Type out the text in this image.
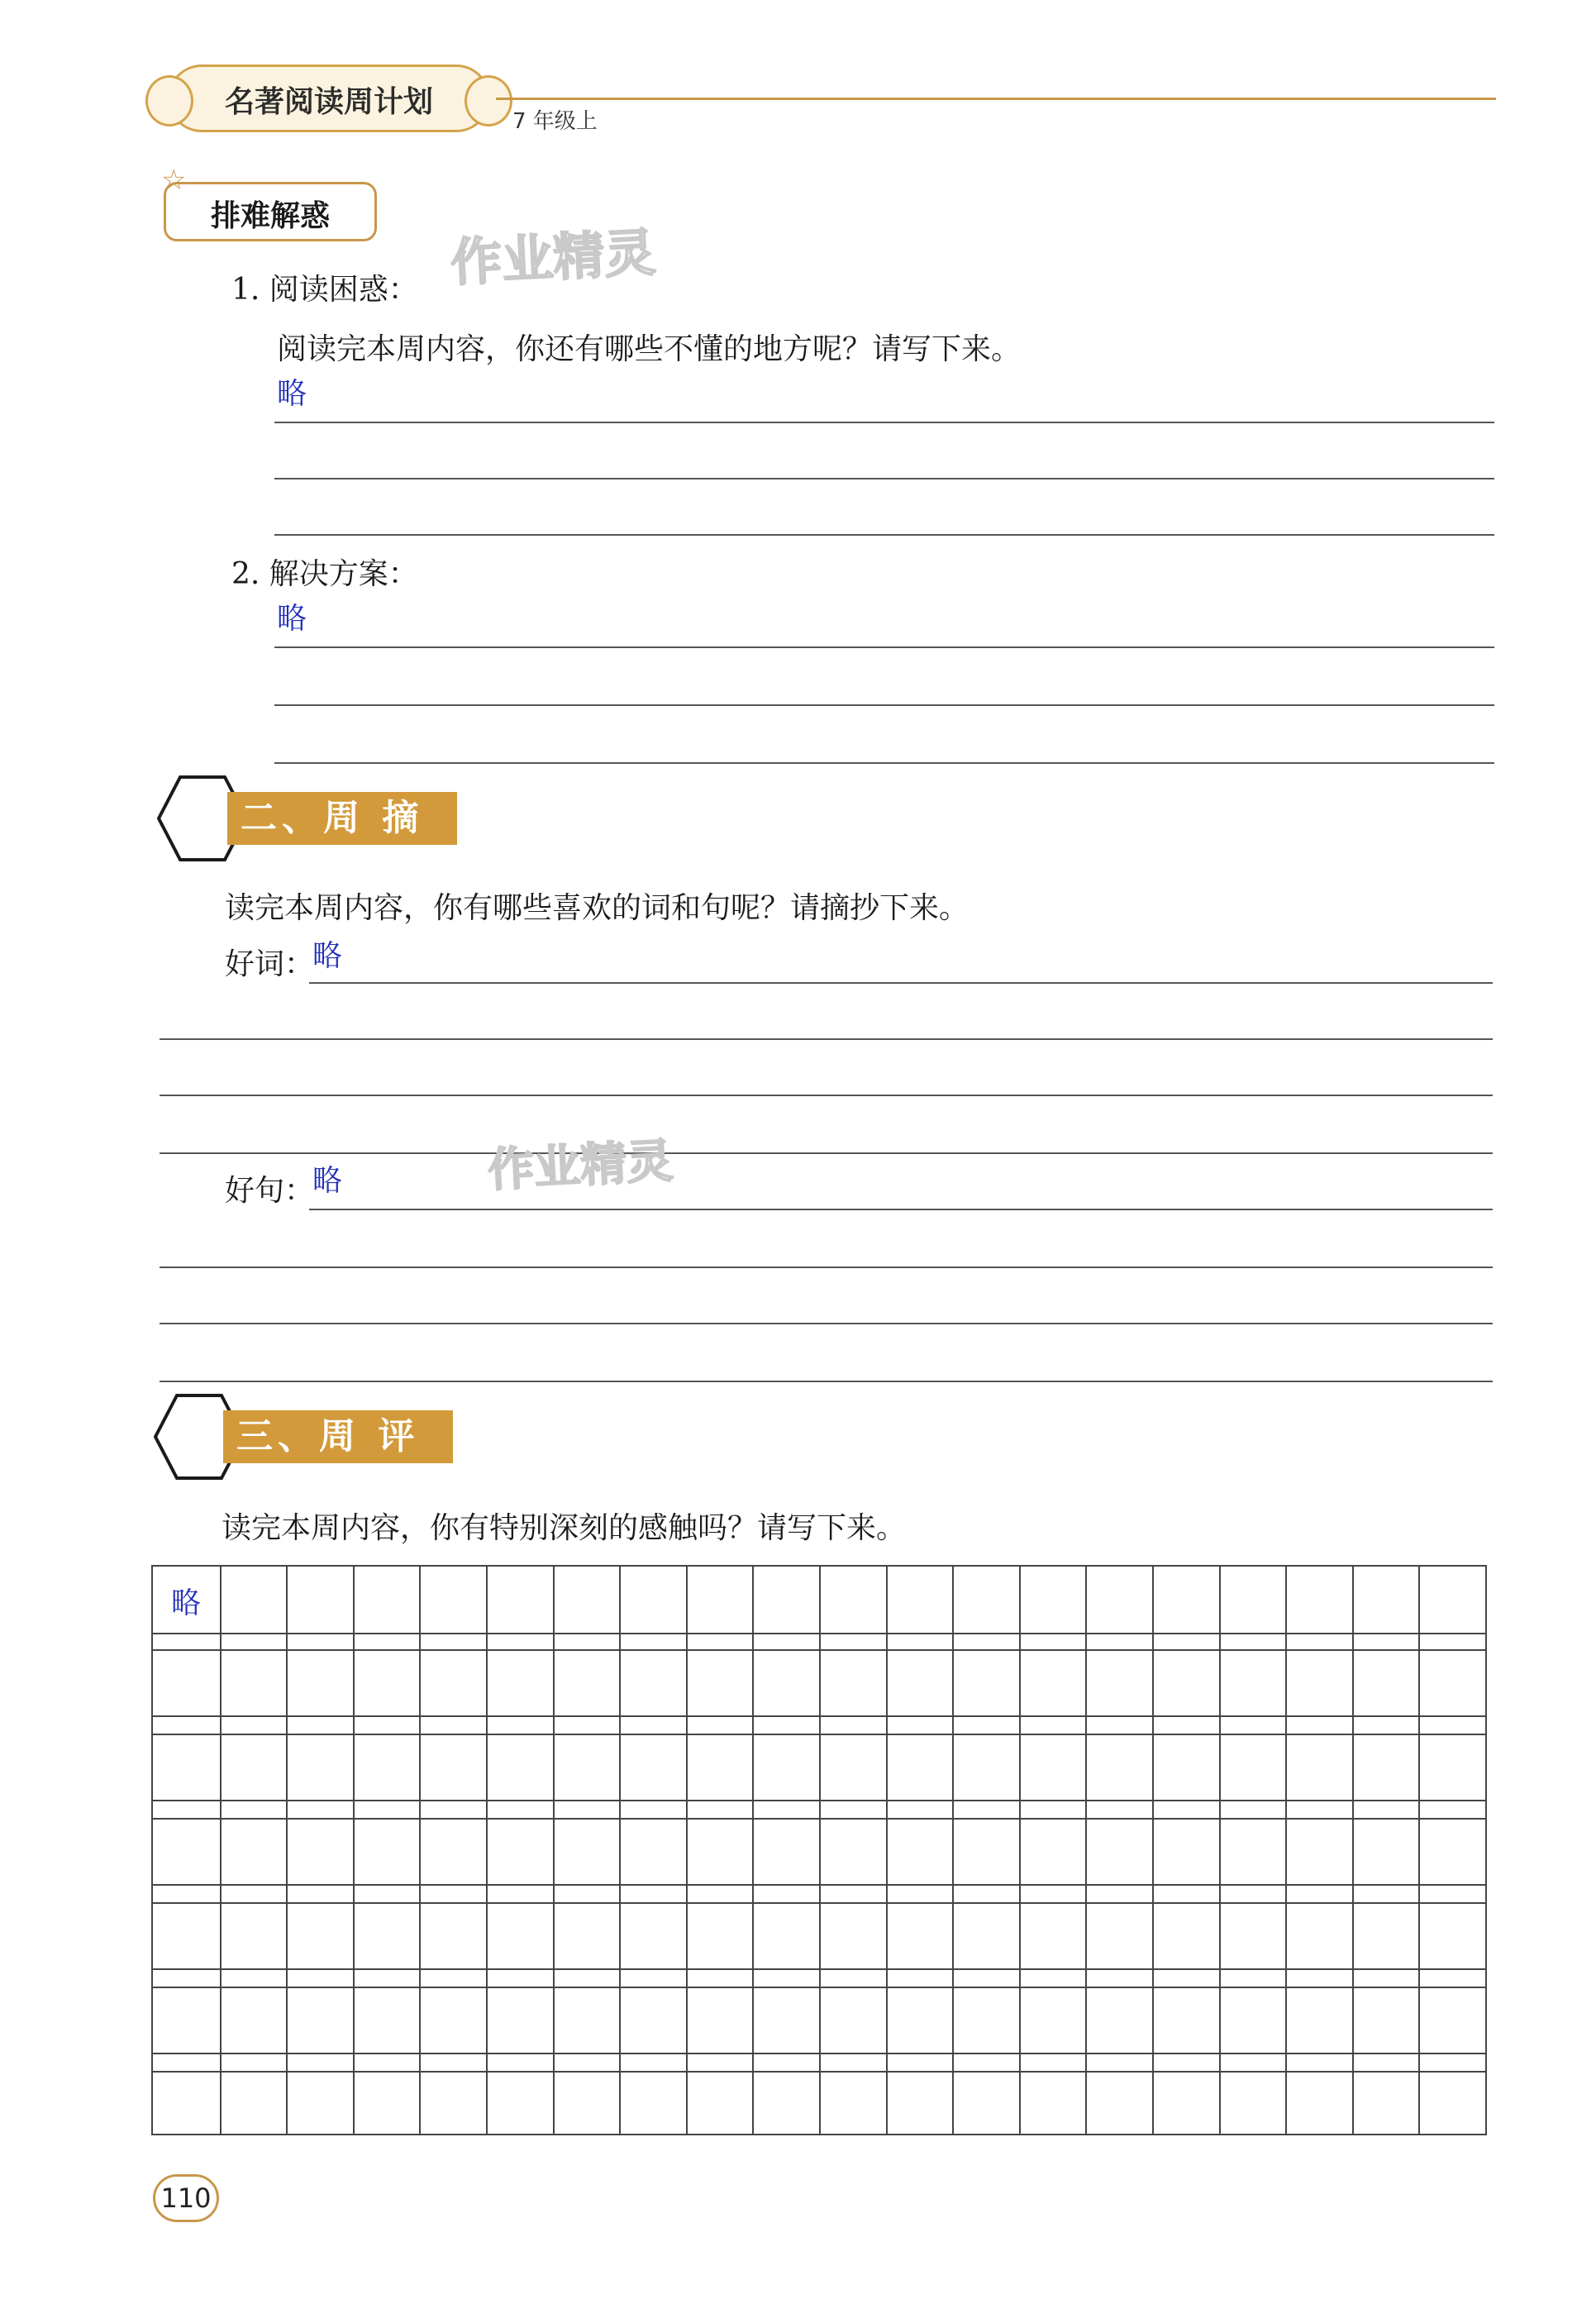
名著阅读周计划
7 年级上
☆
排难解惑
作业精灵
1. 阅读困惑：
阅读完本周内容，你还有哪些不懂的地方呢？请写下来。
略
2. 解决方案：
略
二、周 摘
读完本周内容，你有哪些喜欢的词和句呢？请摘抄下来。
好词：
略
作业精灵
好句：
略
三、周 评
读完本周内容，你有特别深刻的感触吗？请写下来。
略
110
